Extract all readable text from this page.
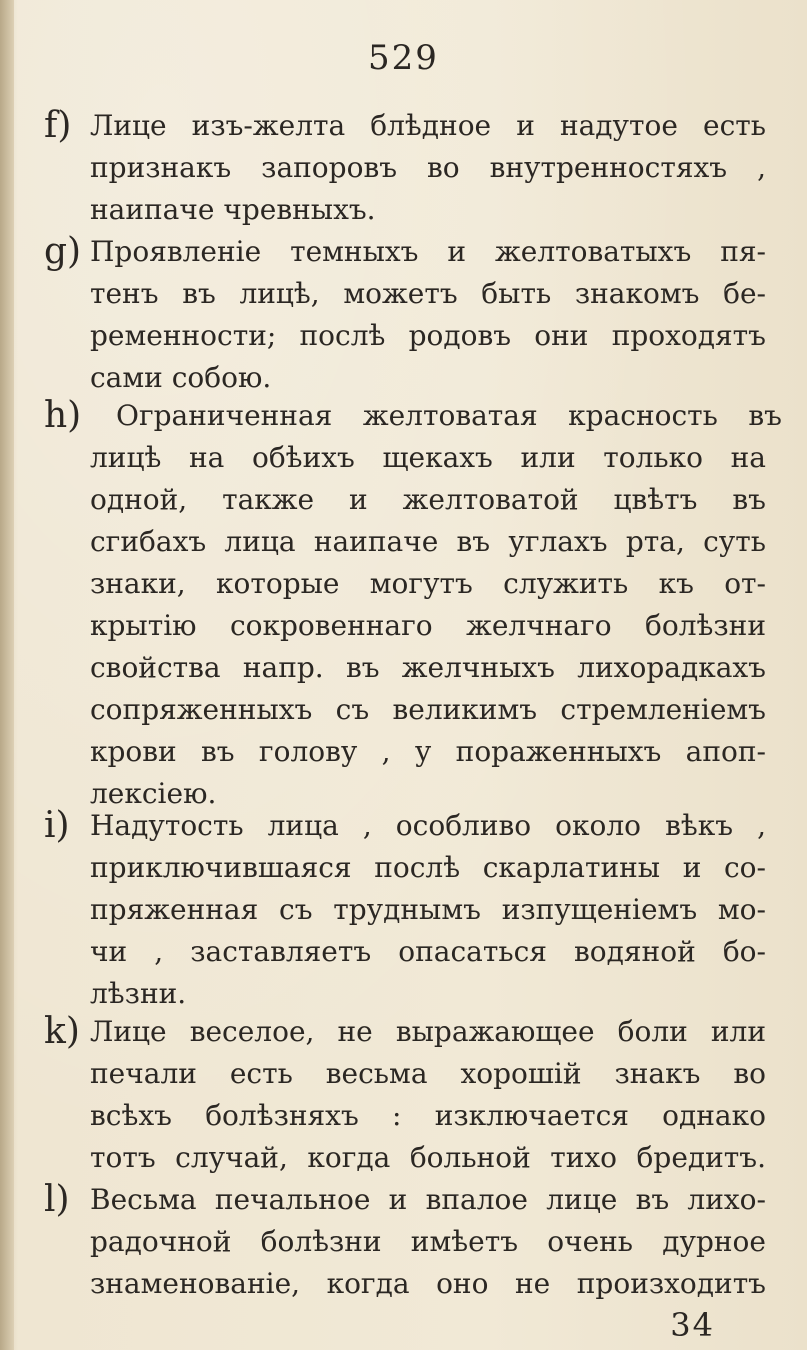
529
f) Лице изъ-желта блѣдное и надутое есть
признакъ запоровъ во внутренностяхъ ,
наипаче чревныхъ.
g) Проявленіе темныхъ и желтоватыхъ пя-
тенъ въ лицѣ, можетъ быть знакомъ бе-
ременности; послѣ родовъ они проходятъ
сами собою.
h) Ограниченная желтоватая красность въ
лицѣ на обѣихъ щекахъ или только на
одной, также и желтоватой цвѣтъ въ
сгибахъ лица наипаче въ углахъ рта, суть
знаки, которые могутъ служить къ от-
крытію сокровеннаго желчнаго болѣзни
свойства напр. въ желчныхъ лихорадкахъ
сопряженныхъ съ великимъ стремленіемъ
крови въ голову , у пораженныхъ апоп-
лексіею.
i) Надутость лица , особливо около вѣкъ ,
приключившаяся послѣ скарлатины и со-
пряженная съ труднымъ изпущеніемъ мо-
чи , заставляетъ опасаться водяной бо-
лѣзни.
k) Лице веселое, не выражающее боли или
печали есть весьма хорошій знакъ во
всѣхъ болѣзняхъ : изключается однако
тотъ случай, когда больной тихо бредитъ.
l) Весьма печальное и впалое лице въ лихо-
радочной болѣзни имѣетъ очень дурное
знаменованіе, когда оно не произходитъ
34
